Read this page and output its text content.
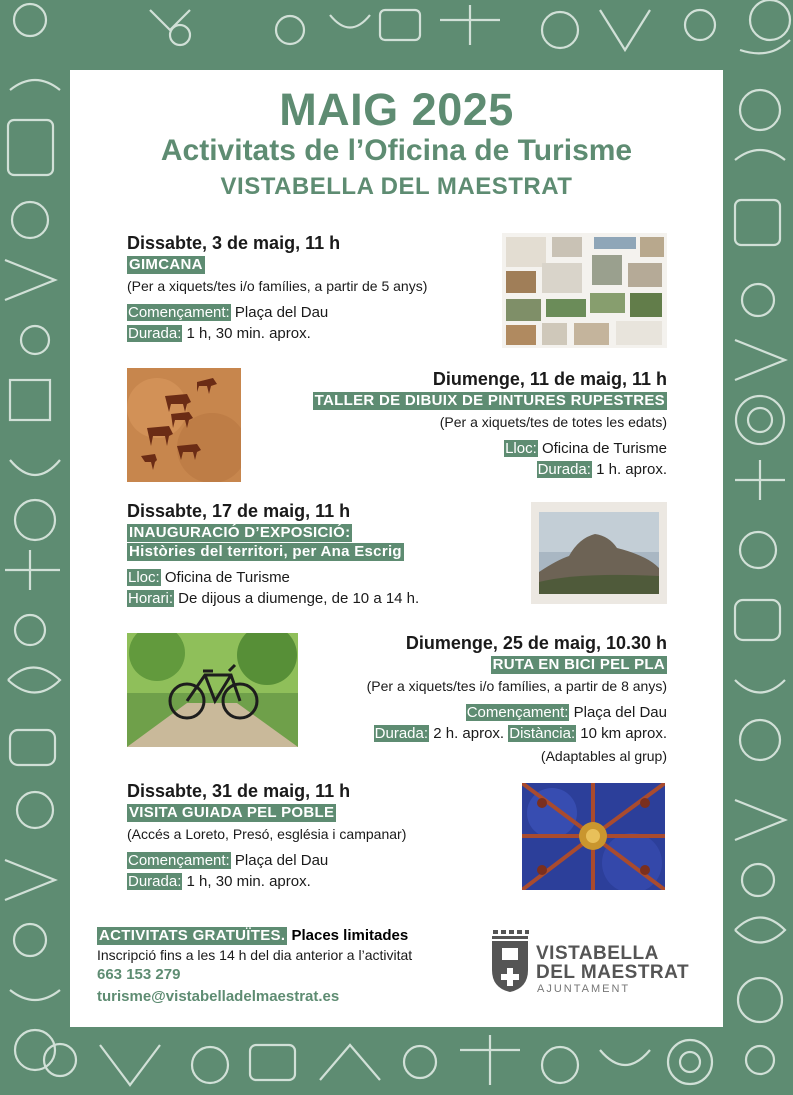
MAIG 2025
Activitats de l’Oficina de Turisme
VISTABELLA DEL MAESTRAT
Dissabte, 3 de maig, 11 h
GIMCANA
(Per a xiquets/tes i/o famílies, a partir de 5 anys)
Començament: Plaça del Dau
Durada: 1 h, 30 min. aprox.
Diumenge, 11 de maig, 11 h
TALLER DE DIBUIX DE PINTURES RUPESTRES
(Per a xiquets/tes de totes les edats)
Lloc: Oficina de Turisme
Durada: 1 h. aprox.
Dissabte, 17 de maig, 11 h
INAUGURACIÓ D’EXPOSICIÓ:
Històries del territori, per Ana Escrig
Lloc: Oficina de Turisme
Horari: De dijous a diumenge, de 10 a 14 h.
Diumenge, 25 de maig, 10.30 h
RUTA EN BICI PEL PLA
(Per a xiquets/tes i/o famílies, a partir de 8 anys)
Començament: Plaça del Dau
Durada: 2 h. aprox. Distància: 10 km aprox.
(Adaptables al grup)
Dissabte, 31 de maig, 11 h
VISITA GUIADA PEL POBLE
(Accés a Loreto, Presó, església i campanar)
Començament: Plaça del Dau
Durada: 1 h, 30 min. aprox.
ACTIVITATS GRATUÏTES. Places limitades
Inscripció fins a les 14 h del dia anterior a l’activitat
663 153 279
turisme@vistabelladelmaestrat.es
VISTABELLA
DEL MAESTRAT
AJUNTAMENT
